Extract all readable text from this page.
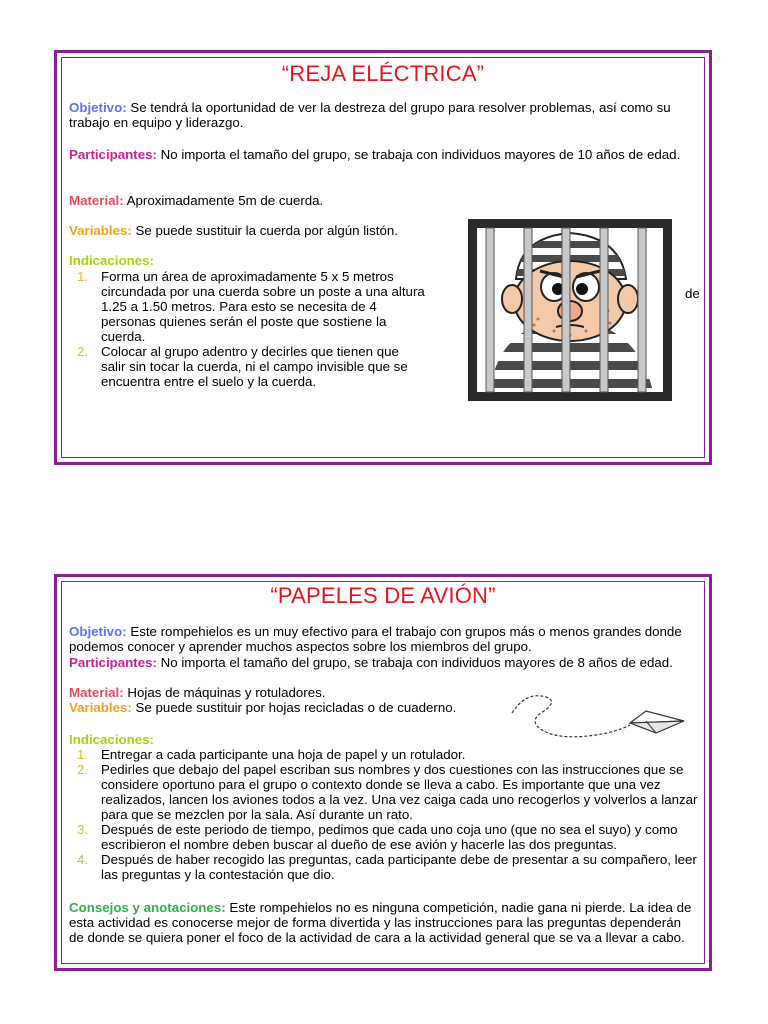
“REJA ELÉCTRICA”

Objetivo: Se tendrá la oportunidad de ver la destreza del grupo para resolver problemas, así como su trabajo en equipo y liderazgo.

Participantes: No importa el tamaño del grupo, se trabaja con individuos mayores de 10 años de edad.

Material: Aproximadamente 5m de cuerda.

Variables: Se puede sustituir la cuerda por algún listón.

Indicaciones:

1. Forma un área de aproximadamente 5 x 5 metros circundada por una cuerda sobre un poste a una altura 1.25 a 1.50 metros. Para esto se necesita de 4 personas quienes serán el poste que sostiene la cuerda.
2. Colocar al grupo adentro y decirles que tienen que salir sin tocar la cuerda, ni el campo invisible que se encuentra entre el suelo y la cuerda.
de
“PAPELES DE AVIÓN”

Objetivo: Este rompehielos es un muy efectivo para el trabajo con grupos más o menos grandes donde podemos conocer y aprender muchos aspectos sobre los miembros del grupo.

Participantes: No importa el tamaño del grupo, se trabaja con individuos mayores de 8 años de edad.

Material: Hojas de máquinas y rotuladores.

Variables: Se puede sustituir por hojas recicladas o de cuaderno.

Indicaciones:

1. Entregar a cada participante una hoja de papel y un rotulador.
2. Pedirles que debajo del papel escriban sus nombres y dos cuestiones con las instrucciones que se considere oportuno para el grupo o contexto donde se lleva a cabo. Es importante que una vez realizados, lancen los aviones todos a la vez. Una vez caiga cada uno recogerlos y volverlos a lanzar para que se mezclen por la sala. Así durante un rato.
3. Después de este periodo de tiempo, pedimos que cada uno coja uno (que no sea el suyo) y como escribieron el nombre deben buscar al dueño de ese avión y hacerle las dos preguntas.
4. Después de haber recogido las preguntas, cada participante debe de presentar a su compañero, leer las preguntas y la contestación que dio.

Consejos y anotaciones: Este rompehielos no es ninguna competición, nadie gana ni pierde. La idea de esta actividad es conocerse mejor de forma divertida y las instrucciones para las preguntas dependerán de donde se quiera poner el foco de la actividad de cara a la actividad general que se va a llevar a cabo.
